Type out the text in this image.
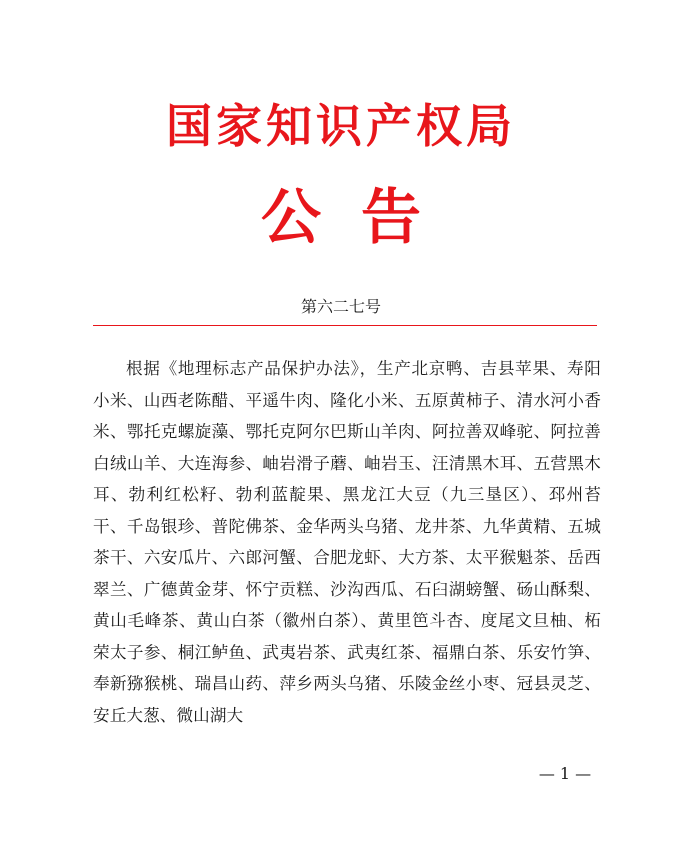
国家知识产权局
公告
第六二七号

根据《地理标志产品保护办法》，生产北京鸭、吉县苹果、寿阳小米、山西老陈醋、平遥牛肉、隆化小米、五原黄柿子、清水河小香米、鄂托克螺旋藻、鄂托克阿尔巴斯山羊肉、阿拉善双峰驼、阿拉善白绒山羊、大连海参、岫岩滑子蘑、岫岩玉、汪清黑木耳、五营黑木耳、勃利红松籽、勃利蓝靛果、黑龙江大豆（九三垦区）、邳州苔干、千岛银珍、普陀佛茶、金华两头乌猪、龙井茶、九华黄精、五城茶干、六安瓜片、六郎河蟹、合肥龙虾、大方茶、太平猴魁茶、岳西翠兰、广德黄金芽、怀宁贡糕、沙沟西瓜、石臼湖螃蟹、砀山酥梨、黄山毛峰茶、黄山白茶（徽州白茶）、黄里笆斗杏、度尾文旦柚、柘荣太子参、桐江鲈鱼、武夷岩茶、武夷红茶、福鼎白茶、乐安竹笋、奉新猕猴桃、瑞昌山药、萍乡两头乌猪、乐陵金丝小枣、冠县灵芝、安丘大葱、微山湖大

— 1 —
